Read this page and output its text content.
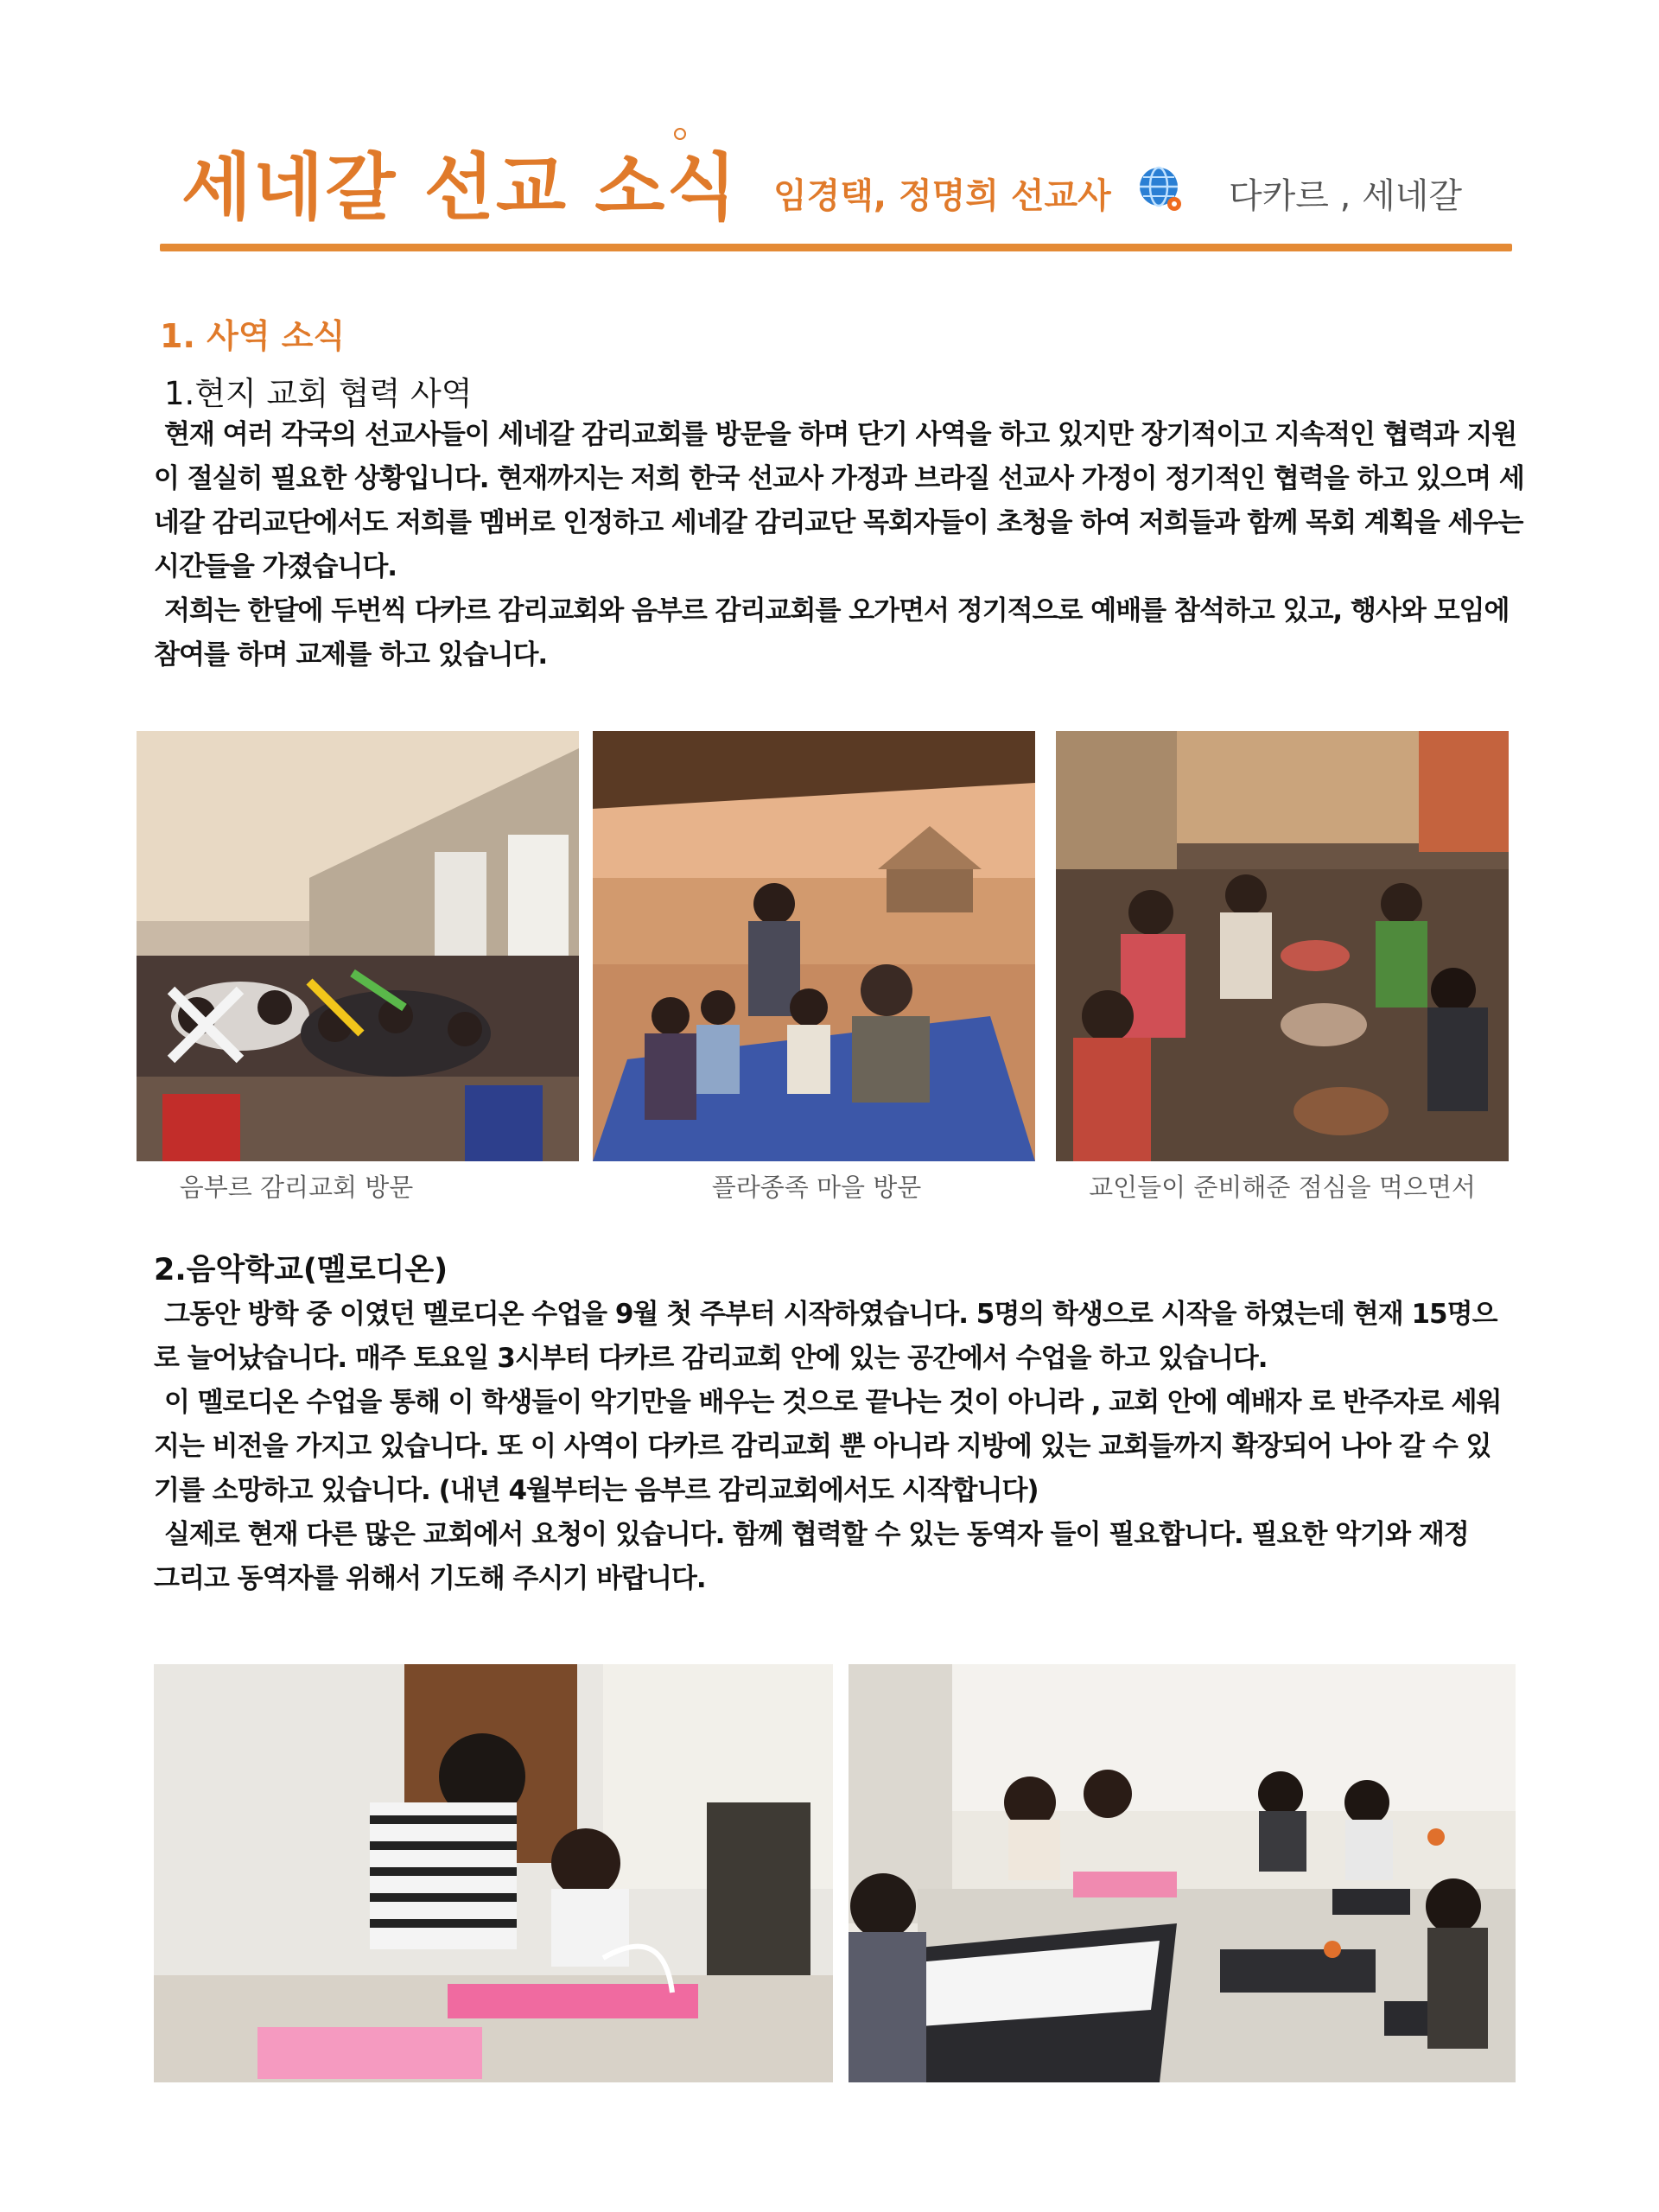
세네갈 선교 소식 임경택, 정명희 선교사	다카르 , 세네갈
1. 사역 소식
1.현지 교회 협력 사역

현재 여러 각국의 선교사들이 세네갈 감리교회를 방문을 하며 단기 사역을 하고 있지만 장기적이고 지속적인 협력과 지원이 절실히 필요한 상황입니다. 현재까지는 저희 한국 선교사 가정과 브라질 선교사 가정이 정기적인 협력을 하고 있으며 세네갈 감리교단에서도 저희를 멤버로 인정하고 세네갈 감리교단 목회자들이 초청을 하여 저희들과 함께 목회 계획을 세우는 시간들을 가졌습니다.

저희는 한달에 두번씩 다카르 감리교회와 음부르 감리교회를 오가면서 정기적으로 예배를 참석하고 있고, 행사와 모임에 참여를 하며 교제를 하고 있습니다.

음부르 감리교회 방문	플라종족 마을 방문	교인들이 준비해준 점심을 먹으면서
2.음악학교(멜로디온)

그동안 방학 중 이였던 멜로디온 수업을 9월 첫 주부터 시작하였습니다. 5명의 학생으로 시작을 하였는데 현재 15명으로 늘어났습니다. 매주 토요일 3시부터 다카르 감리교회 안에 있는 공간에서 수업을 하고 있습니다.

이 멜로디온 수업을 통해 이 학생들이 악기만을 배우는 것으로 끝나는 것이 아니라 , 교회 안에 예배자 로 반주자로 세워지는 비전을 가지고 있습니다. 또 이 사역이 다카르 감리교회 뿐 아니라 지방에 있는 교회들까지 확장되어 나아 갈 수 있기를 소망하고 있습니다. (내년 4월부터는 음부르 감리교회에서도 시작합니다)

실제로 현재 다른 많은 교회에서 요청이 있습니다. 함께 협력할 수 있는 동역자 들이 필요합니다. 필요한 악기와 재정 그리고 동역자를 위해서 기도해 주시기 바랍니다.
